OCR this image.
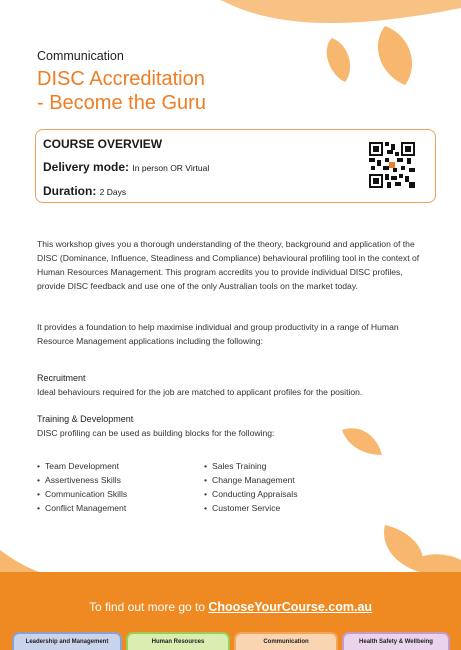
Communication
DISC Accreditation
- Become the Guru
COURSE OVERVIEW
Delivery mode: In person OR Virtual
Duration: 2 Days

This workshop gives you a thorough understanding of the theory, background and application of the DISC (Dominance, Influence, Steadiness and Compliance) behavioural profiling tool in the context of Human Resources Management. This program accredits you to provide individual DISC profiles, provide DISC feedback and use one of the only Australian tools on the market today.

It provides a foundation to help maximise individual and group productivity in a range of Human Resource Management applications including the following:

Recruitment
Ideal behaviours required for the job are matched to applicant profiles for the position.
Training & Development
DISC profiling can be used as building blocks for the following:
• Team Development
• Assertiveness Skills
• Communication Skills
• Conflict Management
• Sales Training
• Change Management
• Conducting Appraisals
• Customer Service
To find out more go to ChooseYourCourse.com.au
Leadership and Management	Human Resources	Communication	Health Safety & Wellbeing
